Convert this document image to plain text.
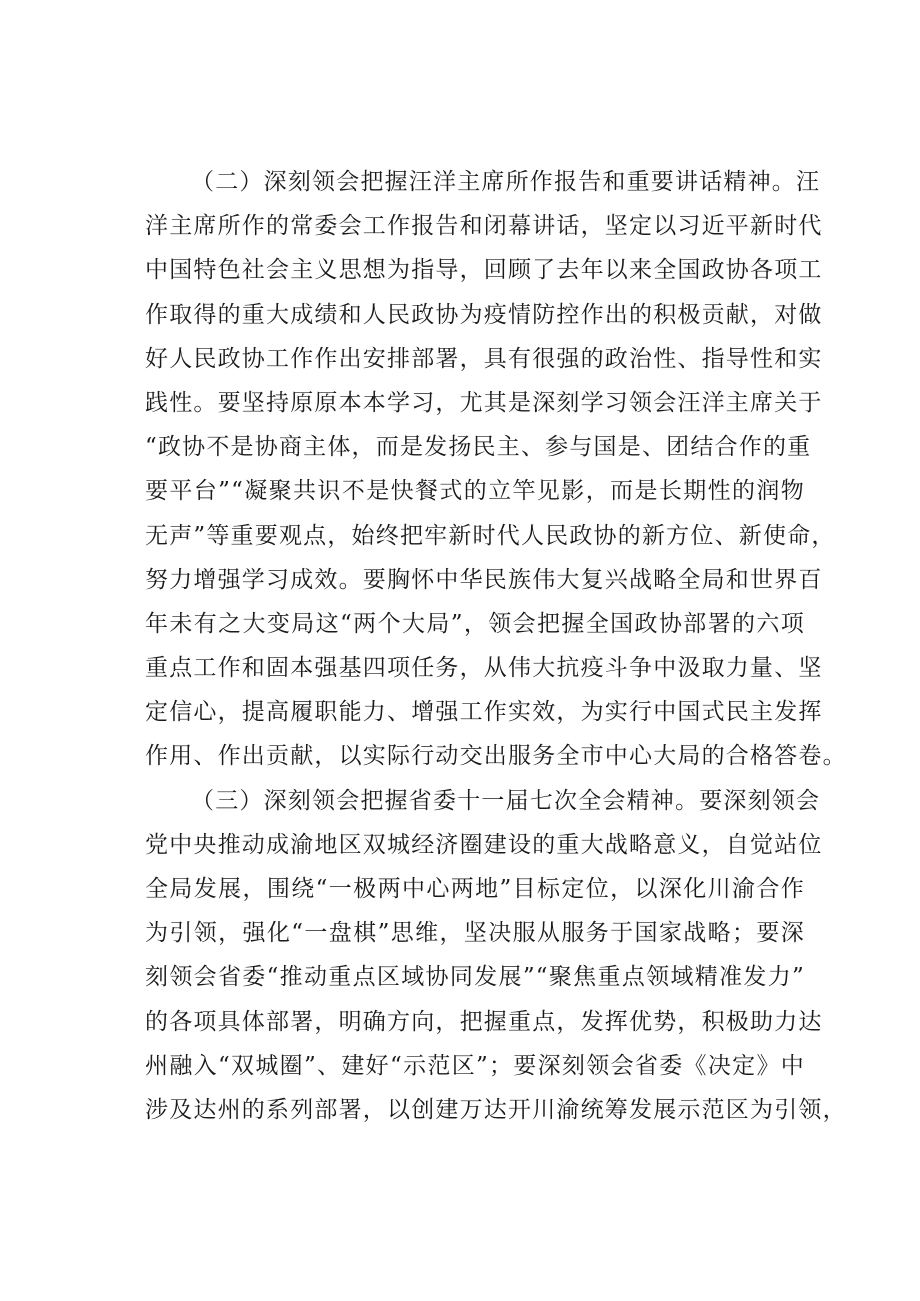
（二）深刻领会把握汪洋主席所作报告和重要讲话精神。汪
洋主席所作的常委会工作报告和闭幕讲话，坚定以习近平新时代
中国特色社会主义思想为指导，回顾了去年以来全国政协各项工
作取得的重大成绩和人民政协为疫情防控作出的积极贡献，对做
好人民政协工作作出安排部署，具有很强的政治性、指导性和实
践性。要坚持原原本本学习，尤其是深刻学习领会汪洋主席关于
“政协不是协商主体，而是发扬民主、参与国是、团结合作的重
要平台”“凝聚共识不是快餐式的立竿见影，而是长期性的润物
无声”等重要观点，始终把牢新时代人民政协的新方位、新使命，
努力增强学习成效。要胸怀中华民族伟大复兴战略全局和世界百
年未有之大变局这“两个大局”，领会把握全国政协部署的六项
重点工作和固本强基四项任务，从伟大抗疫斗争中汲取力量、坚
定信心，提高履职能力、增强工作实效，为实行中国式民主发挥
作用、作出贡献，以实际行动交出服务全市中心大局的合格答卷。
（三）深刻领会把握省委十一届七次全会精神。要深刻领会
党中央推动成渝地区双城经济圈建设的重大战略意义，自觉站位
全局发展，围绕“一极两中心两地”目标定位，以深化川渝合作
为引领，强化“一盘棋”思维，坚决服从服务于国家战略；要深
刻领会省委“推动重点区域协同发展”“聚焦重点领域精准发力”
的各项具体部署，明确方向，把握重点，发挥优势，积极助力达
州融入“双城圈”、建好“示范区”；要深刻领会省委《决定》中
涉及达州的系列部署，以创建万达开川渝统筹发展示范区为引领，
